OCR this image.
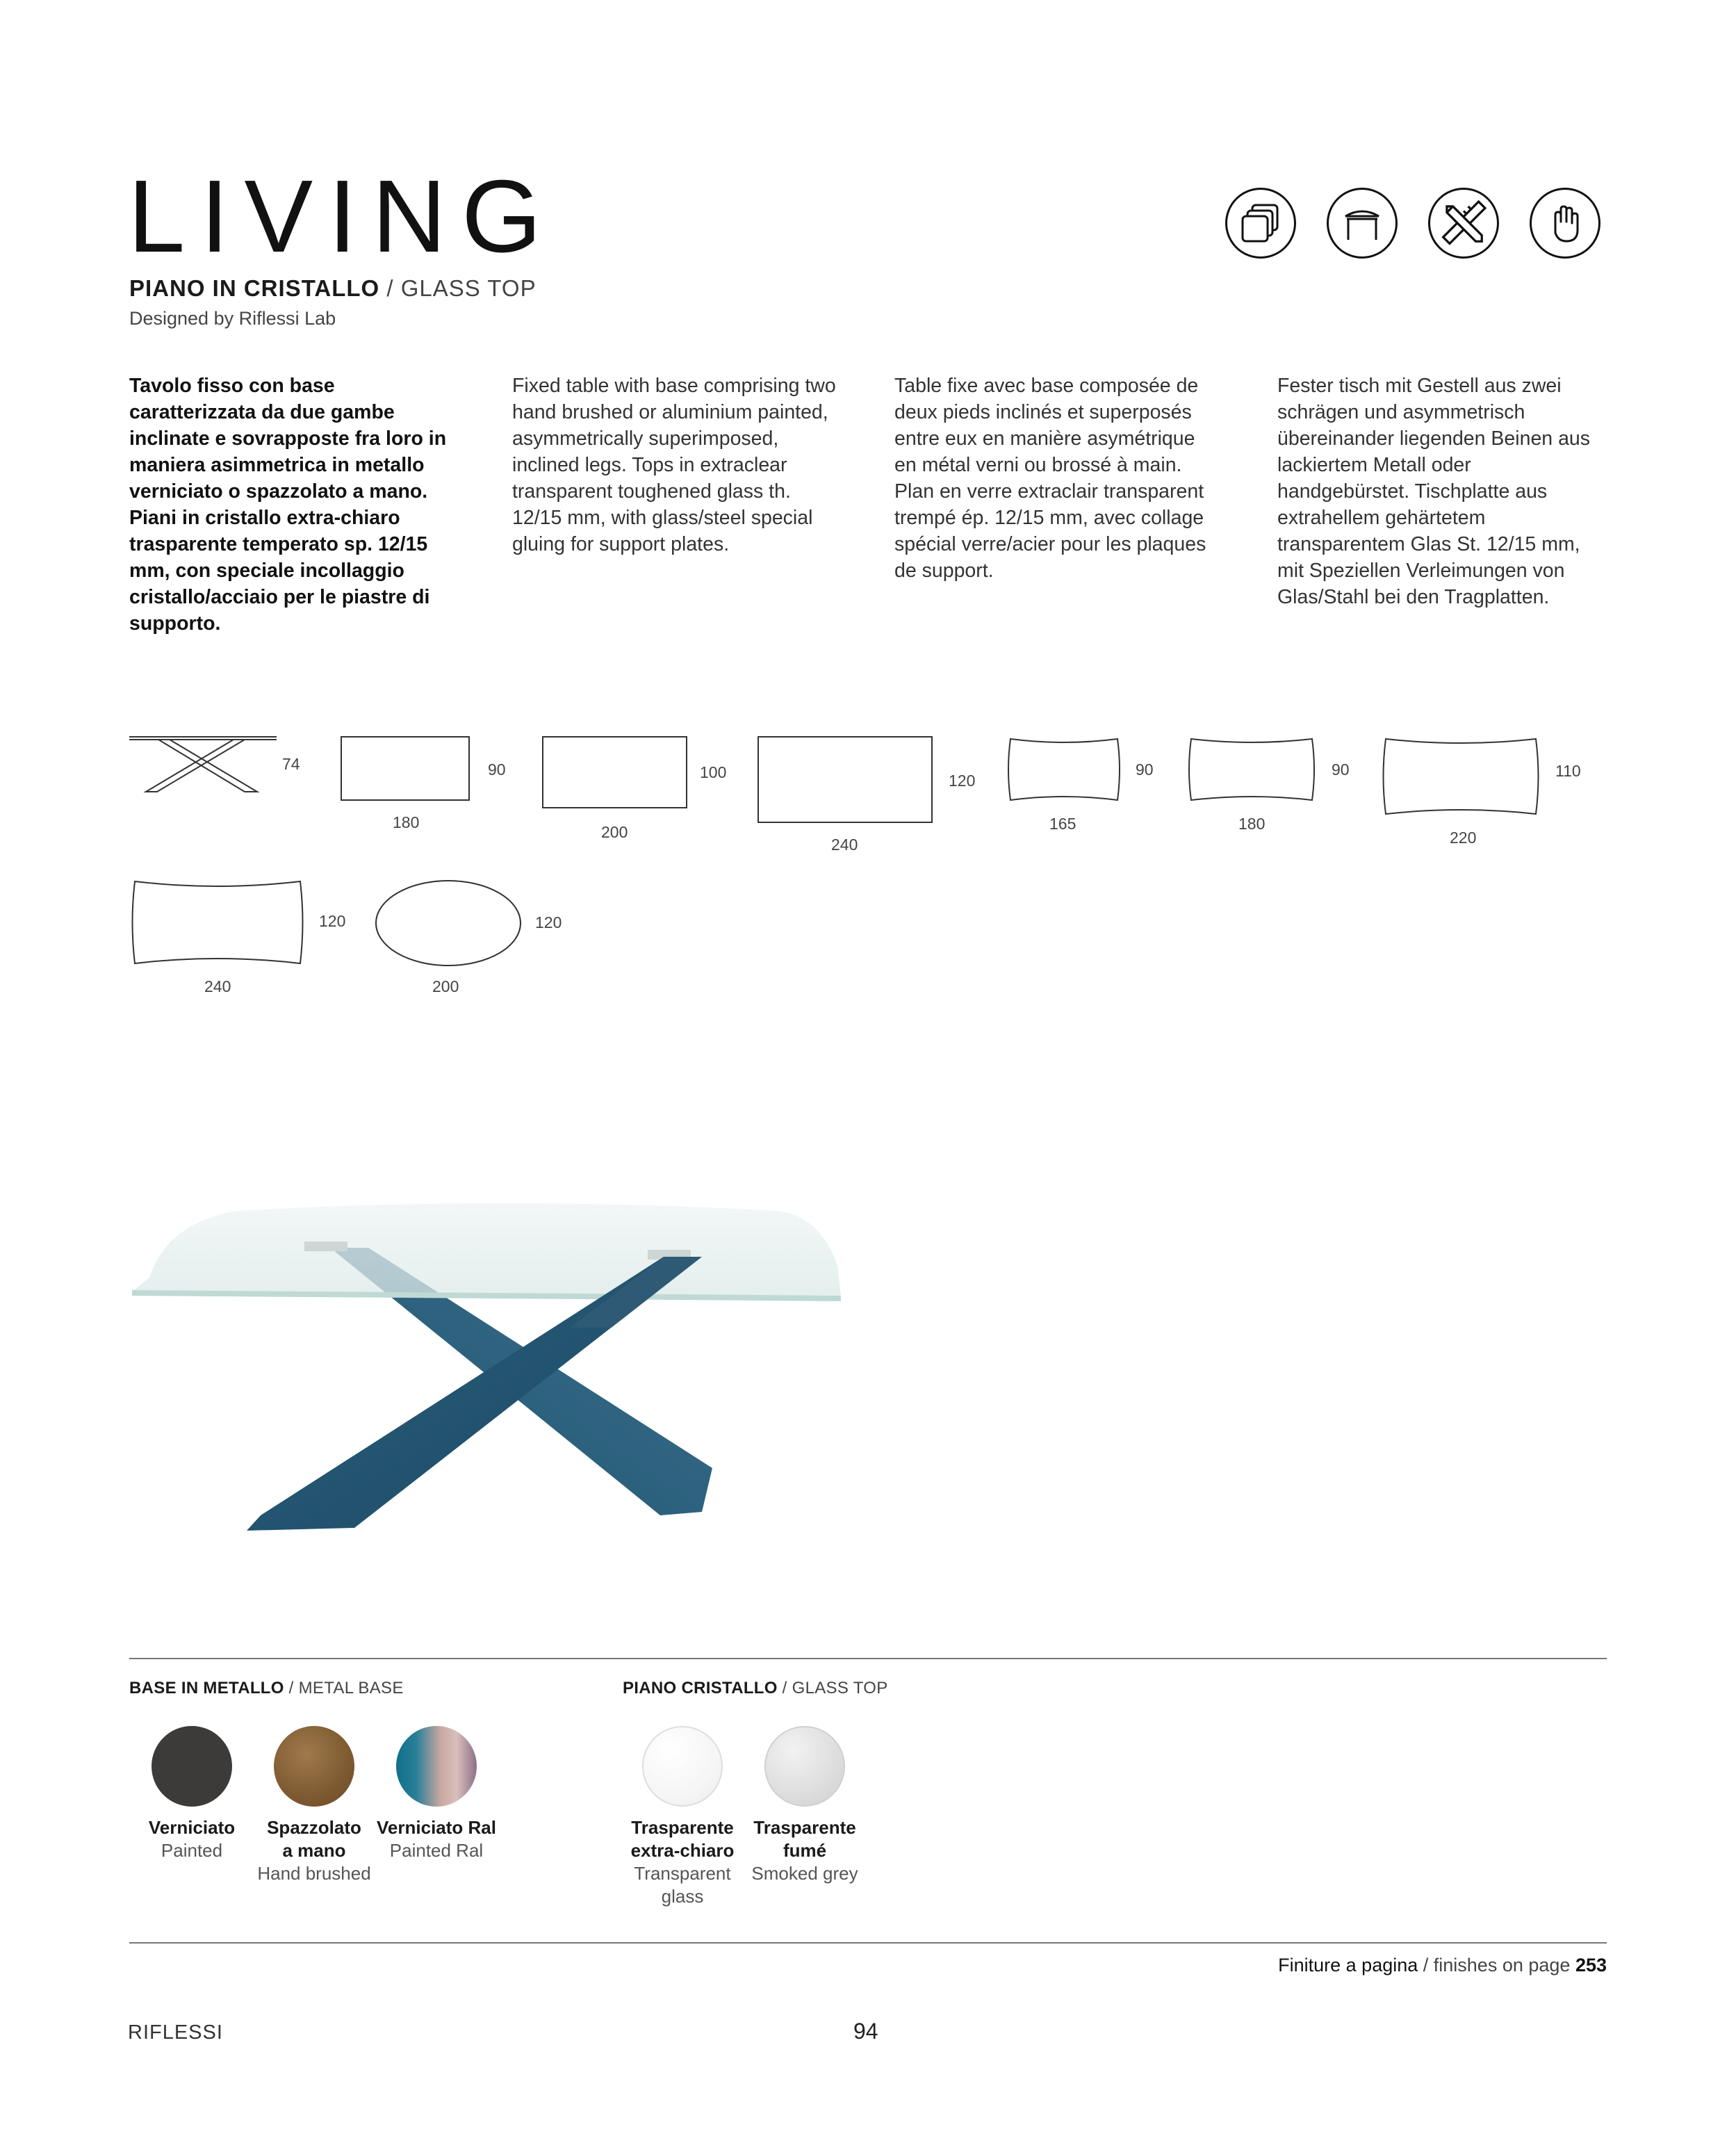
LIVING
PIANO IN CRISTALLO / GLASS TOP
Designed by Riflessi Lab
Tavolo fisso con base caratterizzata da due gambe inclinate e sovrapposte fra loro in maniera asimmetrica in metallo verniciato o spazzolato a mano. Piani in cristallo extra-chiaro trasparente temperato sp. 12/15 mm, con speciale incollaggio cristallo/acciaio per le piastre di supporto.
Fixed table with base comprising two hand brushed or aluminium painted, asymmetrically superimposed, inclined legs. Tops in extraclear transparent toughened glass th. 12/15 mm, with glass/steel special gluing for support plates.
Table fixe avec base composée de deux pieds inclinés et superposés entre eux en manière asymétrique en métal verni ou brossé à main. Plan en verre extraclair transparent trempé ép. 12/15 mm, avec collage spécial verre/acier pour les plaques de support.
Fester tisch mit Gestell aus zwei schrägen und asymmetrisch übereinander liegenden Beinen aus lackiertem Metall oder handgebürstet. Tischplatte aus extrahellem gehärtetem transparentem Glas St. 12/15 mm, mit Speziellen Verleimungen von Glas/Stahl bei den Tragplatten.
74	90
180
100
200
120
240
90
165
90
180
110
220
120
240
120
200
BASE IN METALLO / METAL BASE	PIANO CRISTALLO / GLASS TOP
Verniciato
Painted
Spazzolato
a mano
Hand brushed
Verniciato Ral
Painted Ral
Trasparente
extra-chiaro
Transparent
glass
Trasparente
fumé
Smoked grey
Finiture a pagina / finishes on page 253
RIFLESSI	94
